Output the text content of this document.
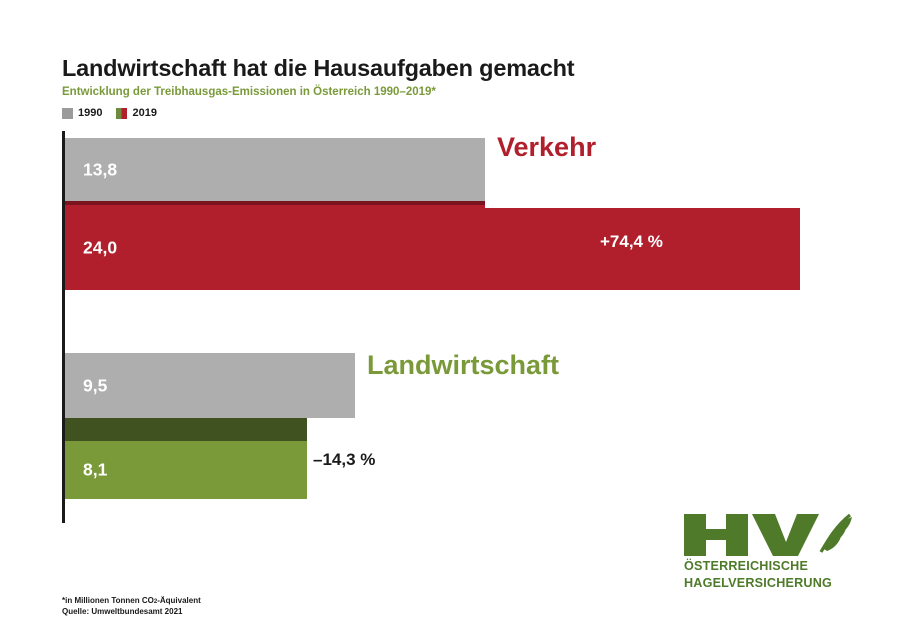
Landwirtschaft hat die Hausaufgaben gemacht
Entwicklung der Treibhausgas-Emissionen in Österreich 1990–2019*
1990	2019
Verkehr
13,8
24,0	+74,4 %
Landwirtschaft
9,5
8,1	–14,3 %
*in Millionen Tonnen CO2-Äquivalent
Quelle: Umweltbundesamt 2021
ÖSTERREICHISCHE
HAGELVERSICHERUNG
